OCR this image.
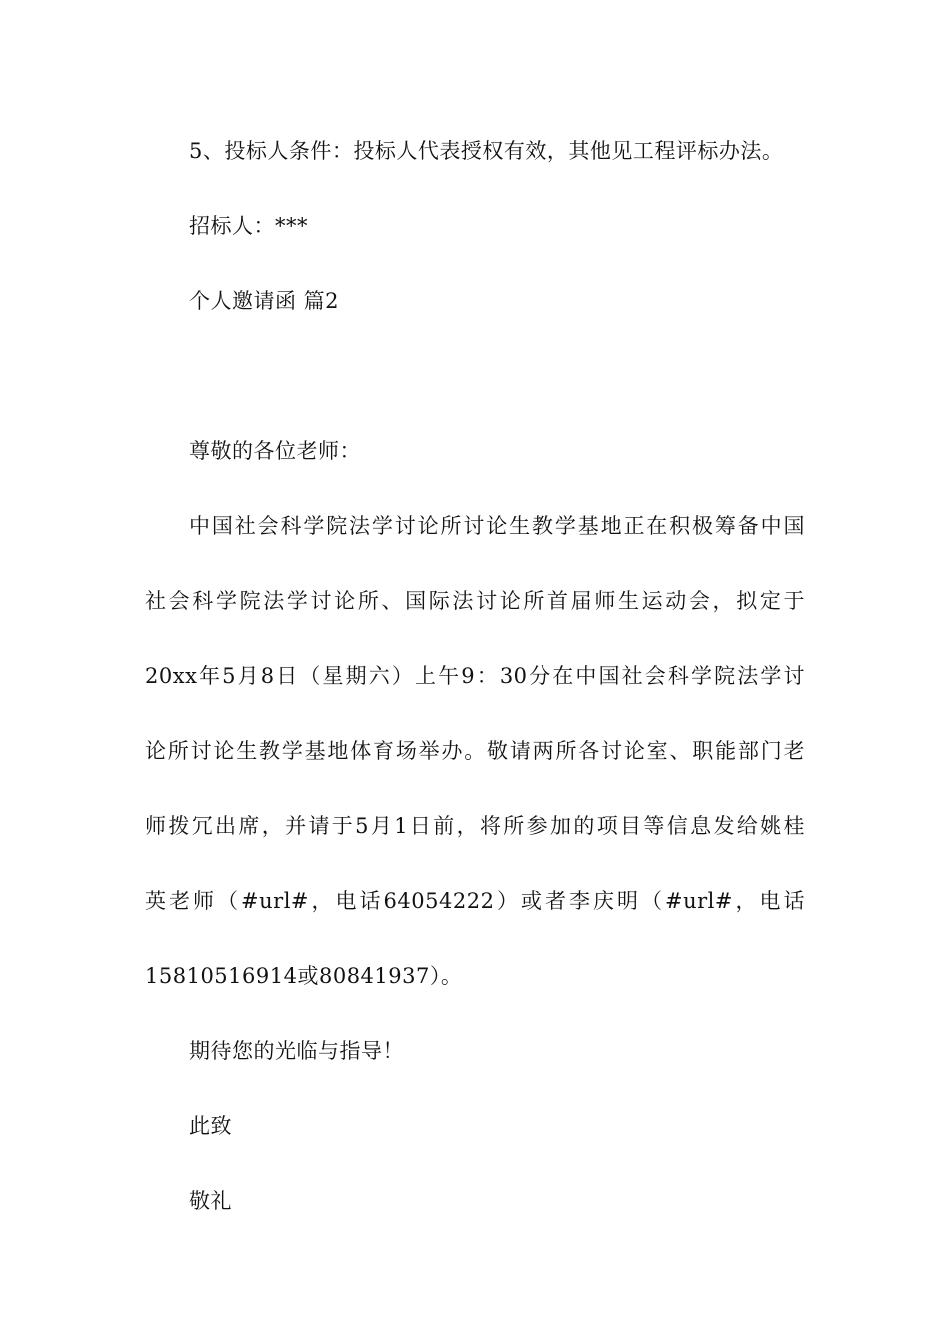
5、投标人条件：投标人代表授权有效，其他见工程评标办法。
招标人：***
个人邀请函 篇2
尊敬的各位老师：
中国社会科学院法学讨论所讨论生教学基地正在积极筹备中国
社会科学院法学讨论所、国际法讨论所首届师生运动会，拟定于
20xx年5月8日（星期六）上午9：30分在中国社会科学院法学讨
论所讨论生教学基地体育场举办。敬请两所各讨论室、职能部门老
师拨冗出席，并请于5月1日前，将所参加的项目等信息发给姚桂
英老师（#url#，电话64054222）或者李庆明（#url#，电话
15810516914或80841937）。
期待您的光临与指导！
此致
敬礼
